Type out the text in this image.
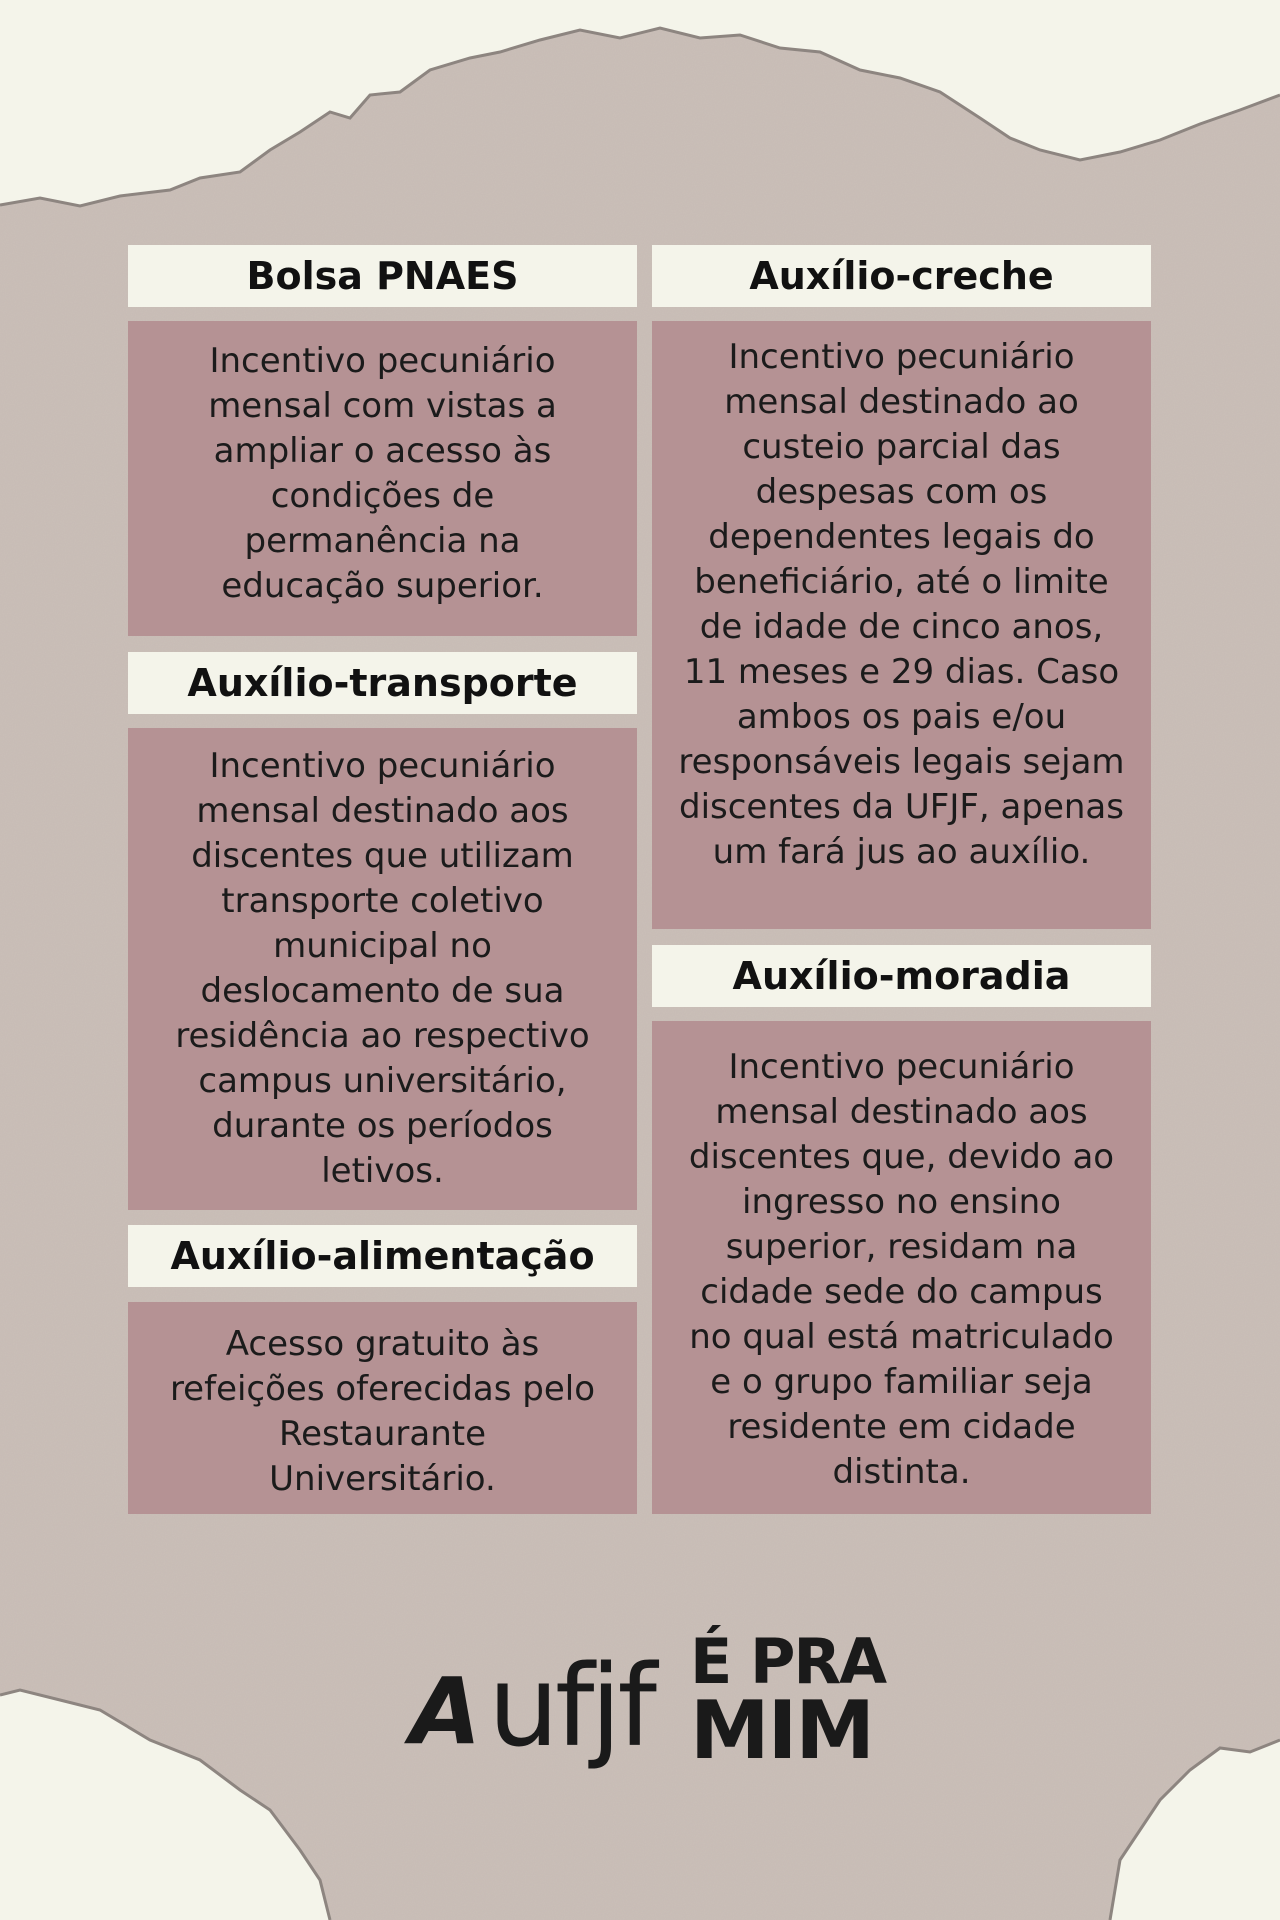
Bolsa PNAES
Incentivo pecuniário mensal com vistas a ampliar o acesso às condições de permanência na educação superior.
Auxílio-creche
Incentivo pecuniário mensal destinado ao custeio parcial das despesas com os dependentes legais do beneficiário, até o limite de idade de cinco anos, 11 meses e 29 dias. Caso ambos os pais e/ou responsáveis legais sejam discentes da UFJF, apenas um fará jus ao auxílio.
Auxílio-transporte
Incentivo pecuniário mensal destinado aos discentes que utilizam transporte coletivo municipal no deslocamento de sua residência ao respectivo campus universitário, durante os períodos letivos.
Auxílio-moradia
Incentivo pecuniário mensal destinado aos discentes que, devido ao ingresso no ensino superior, residam na cidade sede do campus no qual está matriculado e o grupo familiar seja residente em cidade distinta.
Auxílio-alimentação
Acesso gratuito às refeições oferecidas pelo Restaurante Universitário.
A ufjf É PRA
MIM
